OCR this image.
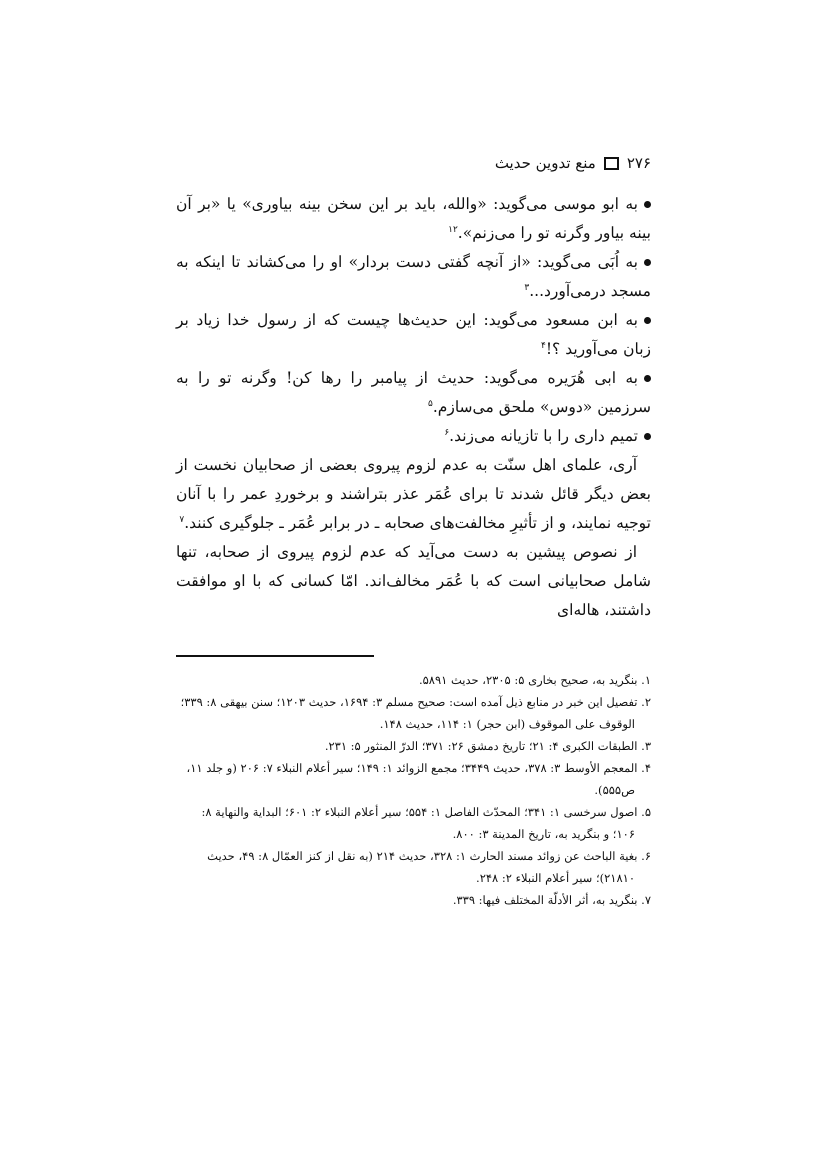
۲۷۶
منع تدوین حدیث

به ابو موسی می‌گوید: «والله، باید بر این سخن بینه بیاوری» یا «بر آن بینه بیاور وگرنه تو را می‌زنم».$^{۱۲}$

به اُبَی می‌گوید: «از آنچه گفتی دست بردار» او را می‌کشاند تا اینکه به مسجد درمی‌آورد...$^۳$

به ابن مسعود می‌گوید: این حدیث‌ها چیست که از رسول خدا زیاد بر زبان می‌آورید ؟!$^۴$

به ابی هُرَیره می‌گوید: حدیث از پیامبر را رها کن! وگرنه تو را به سرزمین «دوس» ملحق می‌سازم.$^۵$

تمیم داری را با تازیانه می‌زند.$^۶$

آری، علمای اهل سنّت به عدم لزوم پیروی بعضی از صحابیان نخست از بعض دیگر قائل شدند تا برای عُمَر عذر بتراشند و برخوردِ عمر را با آنان توجیه نمایند، و از تأثیرِ مخالفت‌های صحابه ـ در برابر عُمَر ـ جلوگیری کنند.$^۷$

از نصوص پیشین به دست می‌آید که عدم لزوم پیروی از صحابه، تنها شامل صحابیانی است که با عُمَر مخالف‌اند. امّا کسانی که با او موافقت داشتند، هاله‌ای

۱. بنگرید به، صحیح بخاری ۵: ۲۳۰۵، حدیث ۵۸۹۱.

۲. تفصیل این خبر در منابع ذیل آمده است: صحیح مسلم ۳: ۱۶۹۴، حدیث ۱۲۰۳؛ سنن بیهقی ۸: ۳۳۹؛ الوقوف علی الموقوف (ابن حجر) ۱: ۱۱۴، حدیث ۱۴۸.

۳. الطبقات الکبری ۴: ۲۱؛ تاریخ دمشق ۲۶: ۳۷۱؛ الدرّ المنثور ۵: ۲۳۱.

۴. المعجم الأوسط ۳: ۳۷۸، حدیث ۳۴۴۹؛ مجمع الزوائد ۱: ۱۴۹؛ سیر أعلام النبلاء ۷: ۲۰۶ (و جلد ۱۱، ص۵۵۵).

۵. اصول سرخسی ۱: ۳۴۱؛ المحدّث الفاصل ۱: ۵۵۴؛ سیر أعلام النبلاء ۲: ۶۰۱؛ البدایة والنهایة ۸: ۱۰۶؛ و بنگرید به، تاریخ المدینة ۳: ۸۰۰.

۶. بغیة الباحث عن زوائد مسند الحارث ۱: ۳۲۸، حدیث ۲۱۴ (به نقل از کنز العمّال ۸: ۴۹، حدیث ۲۱۸۱۰)؛ سیر أعلام النبلاء ۲: ۲۴۸.

۷. بنگرید به، أثر الأدلّة المختلف فیها: ۳۳۹.
